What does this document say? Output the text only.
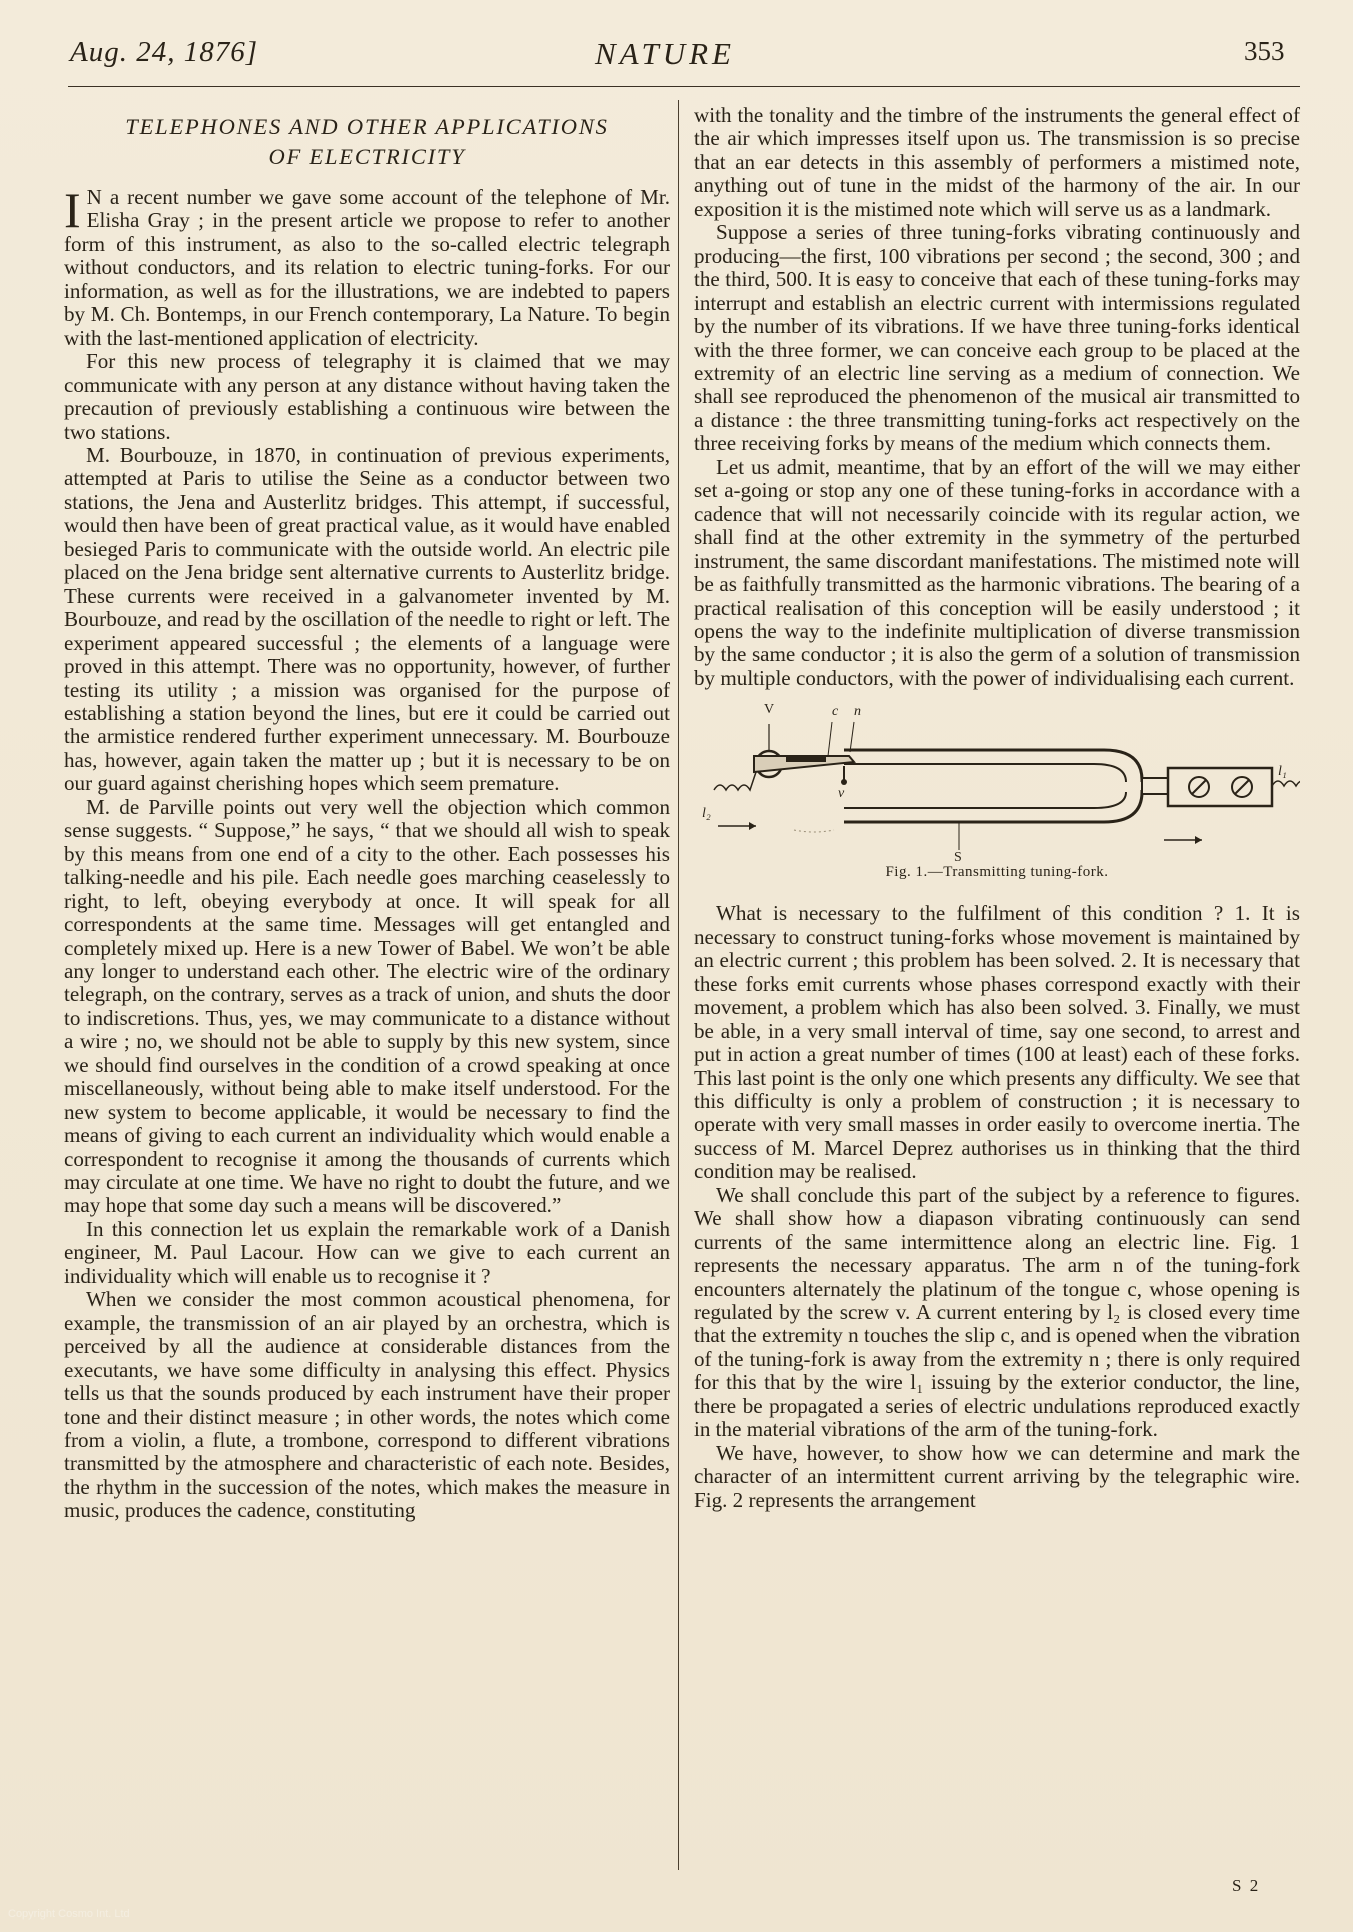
Aug. 24, 1876]	NATURE	353
TELEPHONES AND OTHER APPLICATIONS
OF ELECTRICITY

I N a recent number we gave some account of the telephone of Mr. Elisha Gray ; in the present article we propose to refer to another form of this instrument, as also to the so-called electric telegraph without conductors, and its relation to electric tuning-forks. For our information, as well as for the illustrations, we are indebted to papers by M. Ch. Bontemps, in our French contemporary, La Nature. To begin with the last-mentioned application of electricity.

For this new process of telegraphy it is claimed that we may communicate with any person at any distance without having taken the precaution of previously establishing a continuous wire between the two stations.

M. Bourbouze, in 1870, in continuation of previous experiments, attempted at Paris to utilise the Seine as a conductor between two stations, the Jena and Austerlitz bridges. This attempt, if successful, would then have been of great practical value, as it would have enabled besieged Paris to communicate with the outside world. An electric pile placed on the Jena bridge sent alternative currents to Austerlitz bridge. These currents were received in a galvanometer invented by M. Bourbouze, and read by the oscillation of the needle to right or left. The experiment appeared successful ; the elements of a language were proved in this attempt. There was no opportunity, however, of further testing its utility ; a mission was organised for the purpose of establishing a station beyond the lines, but ere it could be carried out the armistice rendered further experiment unnecessary. M. Bourbouze has, however, again taken the matter up ; but it is necessary to be on our guard against cherishing hopes which seem premature.

M. de Parville points out very well the objection which common sense suggests. “ Suppose,” he says, “ that we should all wish to speak by this means from one end of a city to the other. Each possesses his talking-needle and his pile. Each needle goes marching ceaselessly to right, to left, obeying everybody at once. It will speak for all correspondents at the same time. Messages will get entangled and completely mixed up. Here is a new Tower of Babel. We won’t be able any longer to understand each other. The electric wire of the ordinary telegraph, on the contrary, serves as a track of union, and shuts the door to indiscretions. Thus, yes, we may communicate to a distance without a wire ; no, we should not be able to supply by this new system, since we should find ourselves in the condition of a crowd speaking at once miscellaneously, without being able to make itself understood. For the new system to become applicable, it would be necessary to find the means of giving to each current an individuality which would enable a correspondent to recognise it among the thousands of currents which may circulate at one time. We have no right to doubt the future, and we may hope that some day such a means will be discovered.”

In this connection let us explain the remarkable work of a Danish engineer, M. Paul Lacour. How can we give to each current an individuality which will enable us to recognise it ?

When we consider the most common acoustical phenomena, for example, the transmission of an air played by an orchestra, which is perceived by all the audience at considerable distances from the executants, we have some difficulty in analysing this effect. Physics tells us that the sounds produced by each instrument have their proper tone and their distinct measure ; in other words, the notes which come from a violin, a flute, a trombone, correspond to different vibrations transmitted by the atmosphere and characteristic of each note. Besides, the rhythm in the succession of the notes, which makes the measure in music, produces the cadence, constituting

with the tonality and the timbre of the instruments the general effect of the air which impresses itself upon us. The transmission is so precise that an ear detects in this assembly of performers a mistimed note, anything out of tune in the midst of the harmony of the air. In our exposition it is the mistimed note which will serve us as a landmark.

Suppose a series of three tuning-forks vibrating continuously and producing—the first, 100 vibrations per second ; the second, 300 ; and the third, 500. It is easy to conceive that each of these tuning-forks may interrupt and establish an electric current with intermissions regulated by the number of its vibrations. If we have three tuning-forks identical with the three former, we can conceive each group to be placed at the extremity of an electric line serving as a medium of connection. We shall see reproduced the phenomenon of the musical air transmitted to a distance : the three transmitting tuning-forks act respectively on the three receiving forks by means of the medium which connects them.

Let us admit, meantime, that by an effort of the will we may either set a-going or stop any one of these tuning-forks in accordance with a cadence that will not necessarily coincide with its regular action, we shall find at the other extremity in the symmetry of the perturbed instrument, the same discordant manifestations. The mistimed note will be as faithfully transmitted as the harmonic vibrations. The bearing of a practical realisation of this conception will be easily understood ; it opens the way to the indefinite multiplication of diverse transmission by the same conductor ; it is also the germ of a solution of transmission by multiple conductors, with the power of individualising each current.

V	c n
v
S
l₂
l₁
Fig. 1.—Transmitting tuning-fork.

What is necessary to the fulfilment of this condition ? 1. It is necessary to construct tuning-forks whose movement is maintained by an electric current ; this problem has been solved. 2. It is necessary that these forks emit currents whose phases correspond exactly with their movement, a problem which has also been solved. 3. Finally, we must be able, in a very small interval of time, say one second, to arrest and put in action a great number of times (100 at least) each of these forks. This last point is the only one which presents any difficulty. We see that this difficulty is only a problem of construction ; it is necessary to operate with very small masses in order easily to overcome inertia. The success of M. Marcel Deprez authorises us in thinking that the third condition may be realised.

We shall conclude this part of the subject by a reference to figures. We shall show how a diapason vibrating continuously can send currents of the same intermittence along an electric line. Fig. 1 represents the necessary apparatus. The arm n of the tuning-fork encounters alternately the platinum of the tongue c, whose opening is regulated by the screw v. A current entering by l₂ is closed every time that the extremity n touches the slip c, and is opened when the vibration of the tuning-fork is away from the extremity n ; there is only required for this that by the wire l₁ issuing by the exterior conductor, the line, there be propagated a series of electric undulations reproduced exactly in the material vibrations of the arm of the tuning-fork.

We have, however, to show how we can determine and mark the character of an intermittent current arriving by the telegraphic wire. Fig. 2 represents the arrangement

S 2
Copyright Cosmo Int. Ltd
